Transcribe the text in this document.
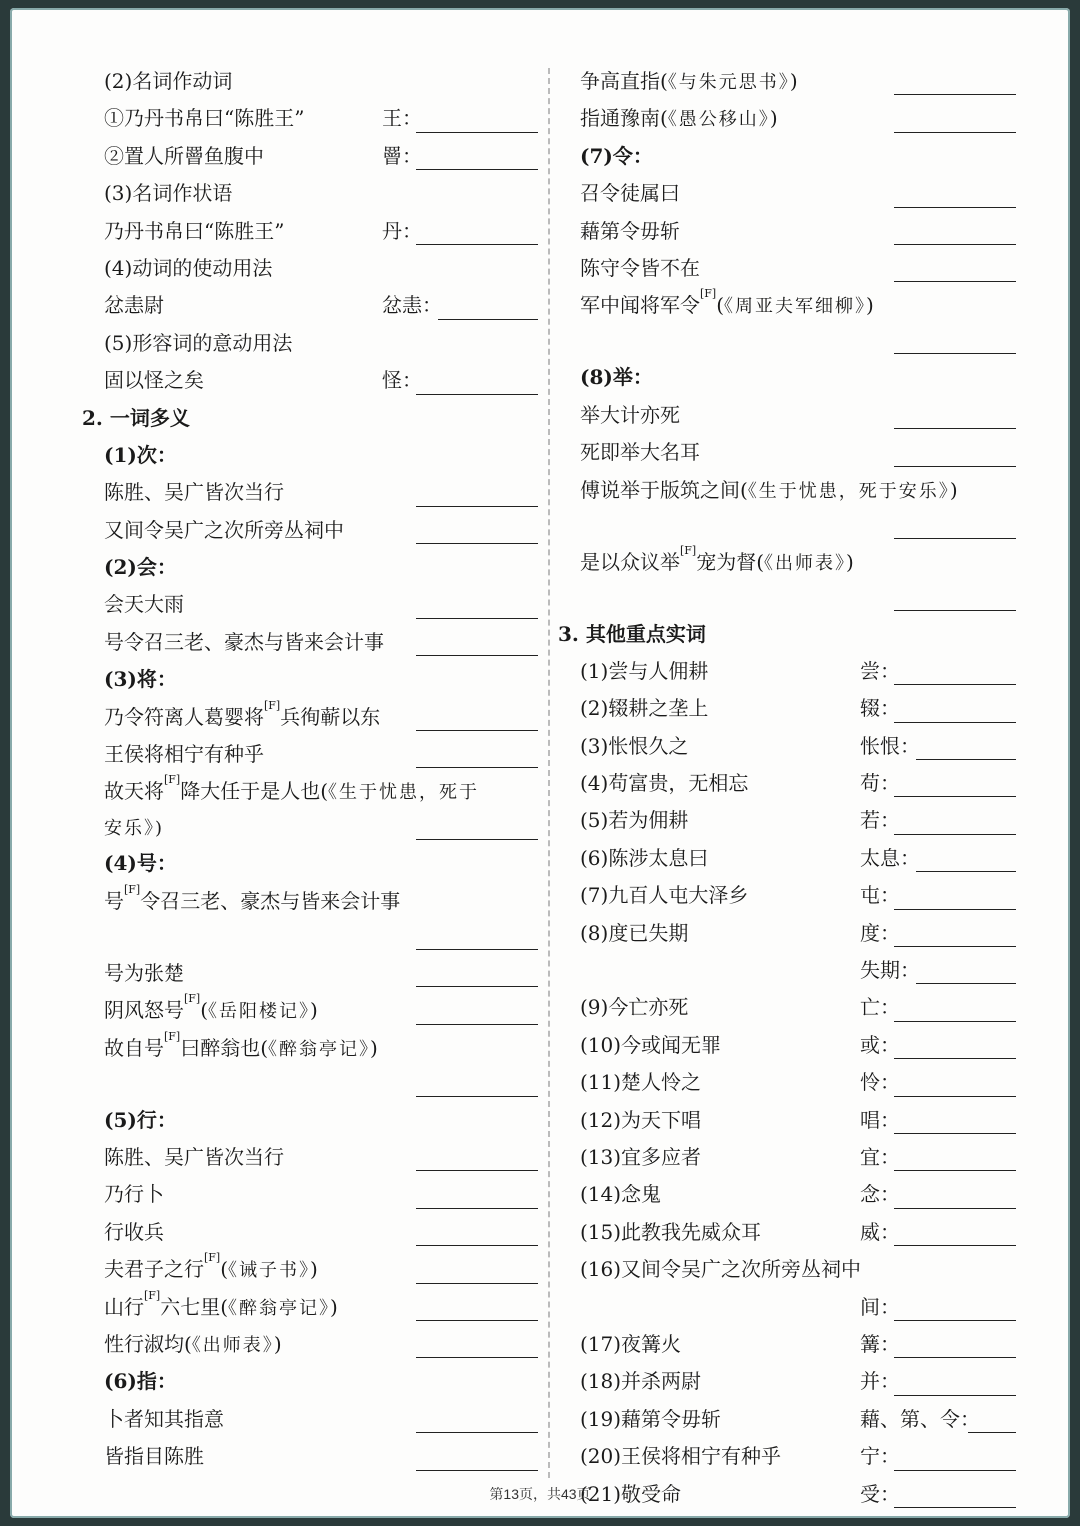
(2)名词作动词
①乃丹书帛曰“陈胜王”	王：
②置人所罾鱼腹中	罾：
(3)名词作状语
乃丹书帛曰“陈胜王”	丹：
(4)动词的使动用法
忿恚尉	忿恚：
(5)形容词的意动用法
固以怪之矣	怪：
2. 一词多义
(1)次：
陈胜、吴广皆次当行
又间令吴广之次所旁丛祠中
(2)会：
会天大雨
号令召三老、豪杰与皆来会计事
(3)将：
乃令符离人葛婴将[F]兵徇蕲以东
王侯将相宁有种乎
故天将[F]降大任于是人也(《生于忧患，死于
安乐》)
(4)号：
号[F]令召三老、豪杰与皆来会计事
号为张楚
阴风怒号[F](《岳阳楼记》)
故自号[F]曰醉翁也(《醉翁亭记》)
(5)行：
陈胜、吴广皆次当行
乃行卜
行收兵
夫君子之行[F](《诫子书》)
山行[F]六七里(《醉翁亭记》)
性行淑均(《出师表》)
(6)指：
卜者知其指意
皆指目陈胜
争高直指(《与朱元思书》)
指通豫南(《愚公移山》)
(7)令：
召令徒属曰
藉第令毋斩
陈守令皆不在
军中闻将军令[F](《周亚夫军细柳》)
(8)举：
举大计亦死
死即举大名耳
傅说举于版筑之间(《生于忧患，死于安乐》)
是以众议举[F]宠为督(《出师表》)
3. 其他重点实词
(1)尝与人佣耕	尝：
(2)辍耕之垄上	辍：
(3)怅恨久之	怅恨：
(4)苟富贵，无相忘	苟：
(5)若为佣耕	若：
(6)陈涉太息曰	太息：
(7)九百人屯大泽乡	屯：
(8)度已失期	度：
失期：
(9)今亡亦死	亡：
(10)今或闻无罪	或：
(11)楚人怜之	怜：
(12)为天下唱	唱：
(13)宜多应者	宜：
(14)念鬼	念：
(15)此教我先威众耳	威：
(16)又间令吴广之次所旁丛祠中
间：
(17)夜篝火	篝：
(18)并杀两尉	并：
(19)藉第令毋斩	藉、第、令：
(20)王侯将相宁有种乎	宁：
(21)敬受命	受：
第13页，共43页
